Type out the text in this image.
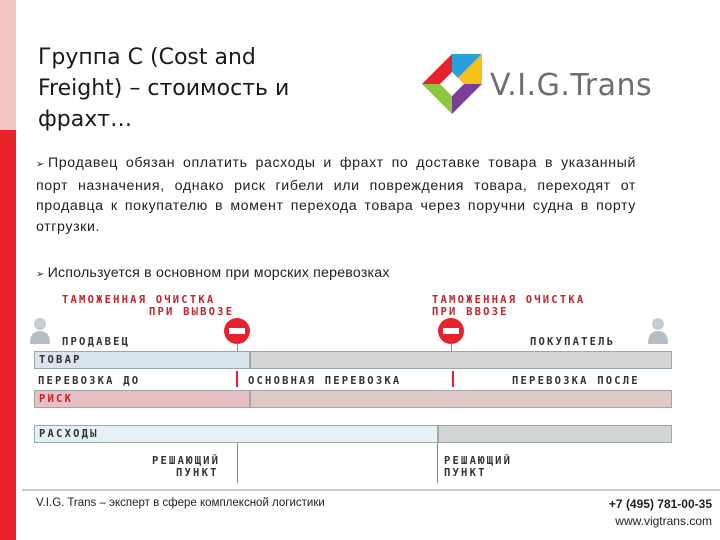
Группа C (Cost and
Freight) – стоимость и
фрахт…
V.I.G.Trans
➢ Продавец обязан оплатить расходы и фрахт по доставке товара в указанный порт назначения, однако риск гибели или повреждения товара, переходят от продавца к покупателю в момент перехода товара через поручни судна в порту отгрузки.
➢ Используется в основном при морских перевозках
ТАМОЖЕННАЯ ОЧИСТКА
ПРИ ВЫВОЗЕ
ТАМОЖЕННАЯ ОЧИСТКА
ПРИ ВВОЗЕ
ПРОДАВЕЦ	ПОКУПАТЕЛЬ
ТОВАР
ПЕРЕВОЗКА ДО	ОСНОВНАЯ ПЕРЕВОЗКА	ПЕРЕВОЗКА ПОСЛЕ
РИСК
РАСХОДЫ
РЕШАЮЩИЙ
ПУНКТ
РЕШАЮЩИЙ
ПУНКТ
V.I.G. Trans – эксперт в сфере комплексной логистики	+7 (495) 781-00-35
www.vigtrans.com
